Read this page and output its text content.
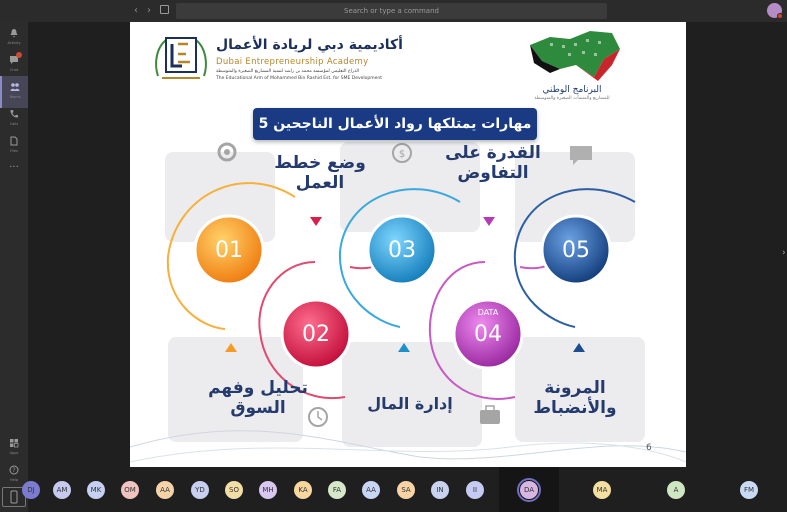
‹ ›	Search or type a command
Activity
Chat
Teams
Calls
Files
...
Apps
?
Help
أكاديمية دبي لريادة الأعمال
Dubai Entrepreneurship Academy
الذراع التعليمي لمؤسسة محمد بن راشد لتنمية المشاريع الصغيرة والمتوسطة
The Educational Arm of Mohammed Bin Rashid Est. for SME Development
البرنامج الوطني
للمشاريع والمنشآت الصغيرة والمتوسطة
$
5 مهارات يمتلكها رواد الأعمال الناجحين
وضع خطط العمل
القدرة على التفاوض
تحليل وفهم السوق	إدارة المال
المرونة والأنضباط
01
02
03
04
05
DATA
6
›
DA
DJ	AM	MK	OM	AA	YD	SO	MH	KA	FA	AA	SA	IN	II	MA	A	FM
